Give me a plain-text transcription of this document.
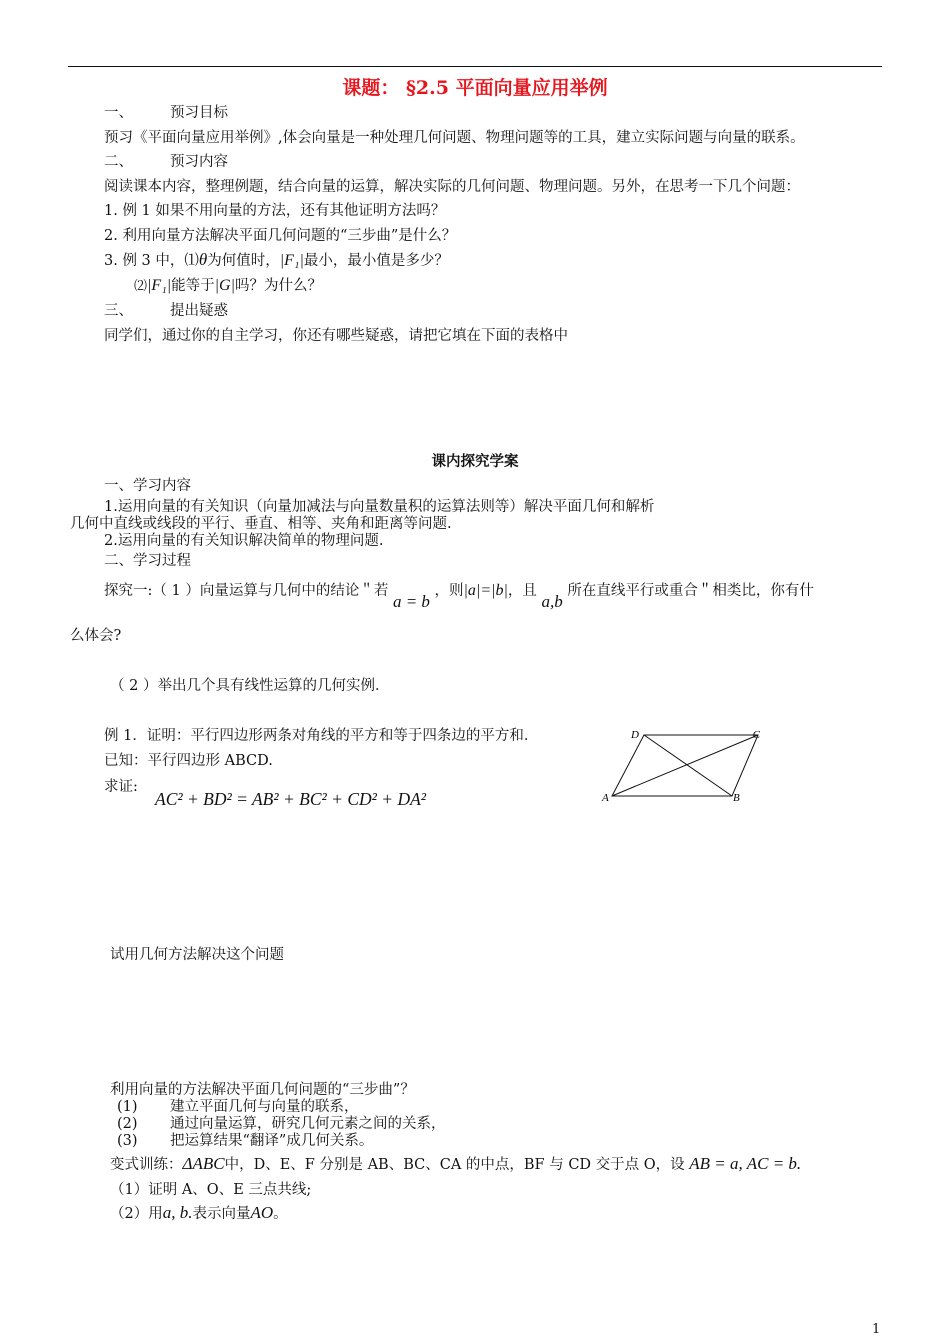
课题： §2.5 平面向量应用举例
一、	预习目标
预习《平面向量应用举例》,体会向量是一种处理几何问题、物理问题等的工具，建立实际问题与向量的联系。
二、	预习内容
阅读课本内容，整理例题，结合向量的运算，解决实际的几何问题、物理问题。另外，在思考一下几个问题：
1. 例 1 如果不用向量的方法，还有其他证明方法吗？
2. 利用向量方法解决平面几何问题的“三步曲”是什么？
3. 例 3 中，⑴θ为何值时，|F₁|最小，最小值是多少？
⑵|F₁|能等于|G|吗？为什么？
三、	提出疑惑
同学们，通过你的自主学习，你还有哪些疑惑，请把它填在下面的表格中
课内探究学案
一、学习内容
1.运用向量的有关知识（向量加减法与向量数量积的运算法则等）解决平面几何和解析
几何中直线或线段的平行、垂直、相等、夹角和距离等问题.
2.运用向量的有关知识解决简单的物理问题.
二、学习过程
探究一:（ 1 ）向量运算与几何中的结论＂若 a = b ，则|a|=|b|，且 a,b 所在直线平行或重合＂相类比，你有什
么体会?
（ 2 ）举出几个具有线性运算的几何实例．
例 1．证明：平行四边形两条对角线的平方和等于四条边的平方和．
已知：平行四边形 ABCD.
求证:
AC² + BD² = AB² + BC² + CD² + DA²
D	C
A	B
试用几何方法解决这个问题
利用向量的方法解决平面几何问题的“三步曲”？
(1) 建立平面几何与向量的联系，
(2) 通过向量运算，研究几何元素之间的关系，
(3) 把运算结果“翻译”成几何关系。
变式训练：ΔABC中，D、E、F 分别是 AB、BC、CA 的中点，BF 与 CD 交于点 O，设 AB = a, AC = b.
（1）证明 A、O、E 三点共线;
（2）用a, b.表示向量AO。
1
